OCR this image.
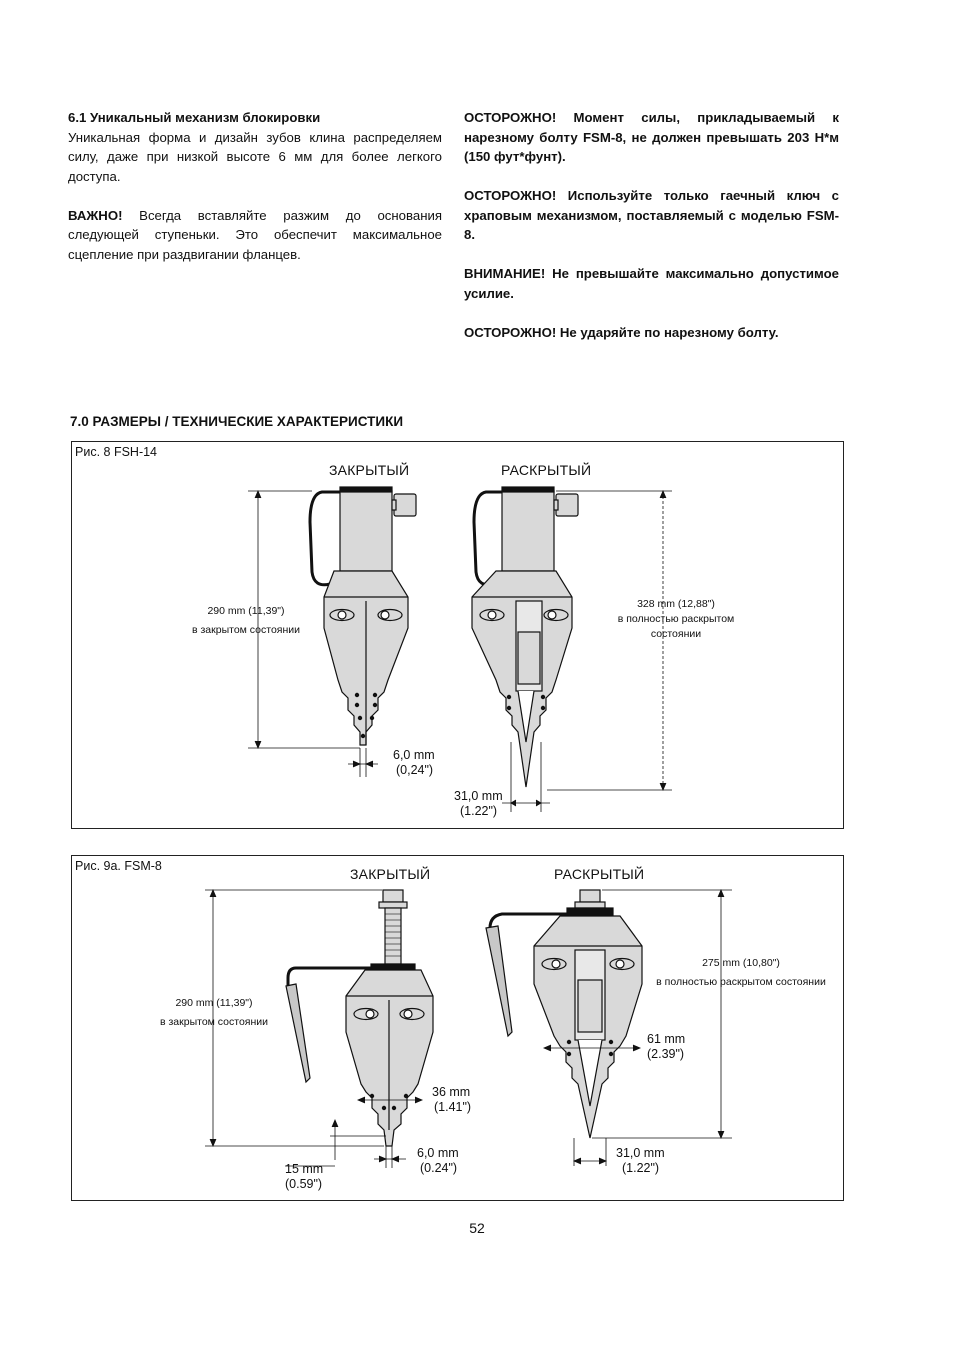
6.1 Уникальный механизм блокировки

Уникальная форма и дизайн зубов клина распределяем силу, даже при низкой высоте 6 мм для более легкого доступа.

ВАЖНО! Всегда вставляйте разжим до основания следующей ступеньки. Это обеспечит максимальное сцепление при раздвигании фланцев.

ОСТОРОЖНО! Момент силы, прикладываемый к нарезному болту FSM-8, не должен превышать 203 Н*м (150 фут*фунт).

ОСТОРОЖНО! Используйте только гаечный ключ с храповым механизмом, поставляемый с моделью FSM-8.

ВНИМАНИЕ! Не превышайте максимально допустимое усилие.

ОСТОРОЖНО! Не ударяйте по нарезному болту.

7.0 РАЗМЕРЫ / ТЕХНИЧЕСКИЕ ХАРАКТЕРИСТИКИ
Рис. 8 FSH-14
ЗАКРЫТЫЙ	РАСКРЫТЫЙ
290 mm (11,39")
в закрытом состоянии
328 mm (12,88")
в полностью раскрытом
состоянии
6,0 mm
(0,24")
31,0 mm
(1.22")
Рис. 9a. FSM-8	ЗАКРЫТЫЙ	РАСКРЫТЫЙ
290 mm (11,39")
в закрытом состоянии
275 mm (10,80")
в полностью раскрытом состоянии
61 mm
(2.39")
36 mm
(1.41")
6,0 mm
(0.24")
15 mm
(0.59")
31,0 mm
(1.22")
52
